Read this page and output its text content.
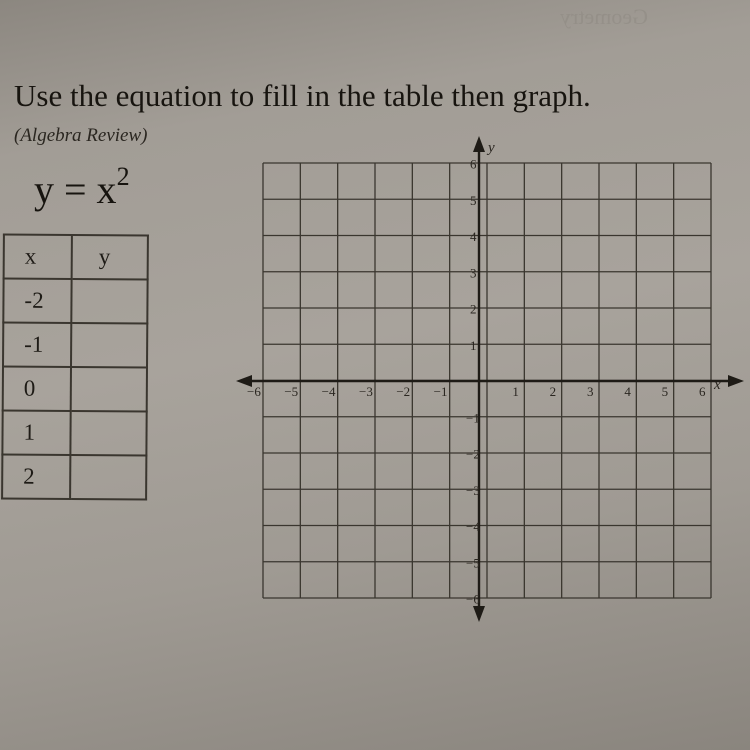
Geometry
Use the equation to fill in the table then graph.
(Algebra Review)
$y = x^2$
x	y
-2	
-1	
0	
1	
2	
−6 −5 −4 −3 −2 −1	1 2 3 4 5 6
6
5
4
3
2
1
−1
−2
−3
−4
−5
−6
x
y
